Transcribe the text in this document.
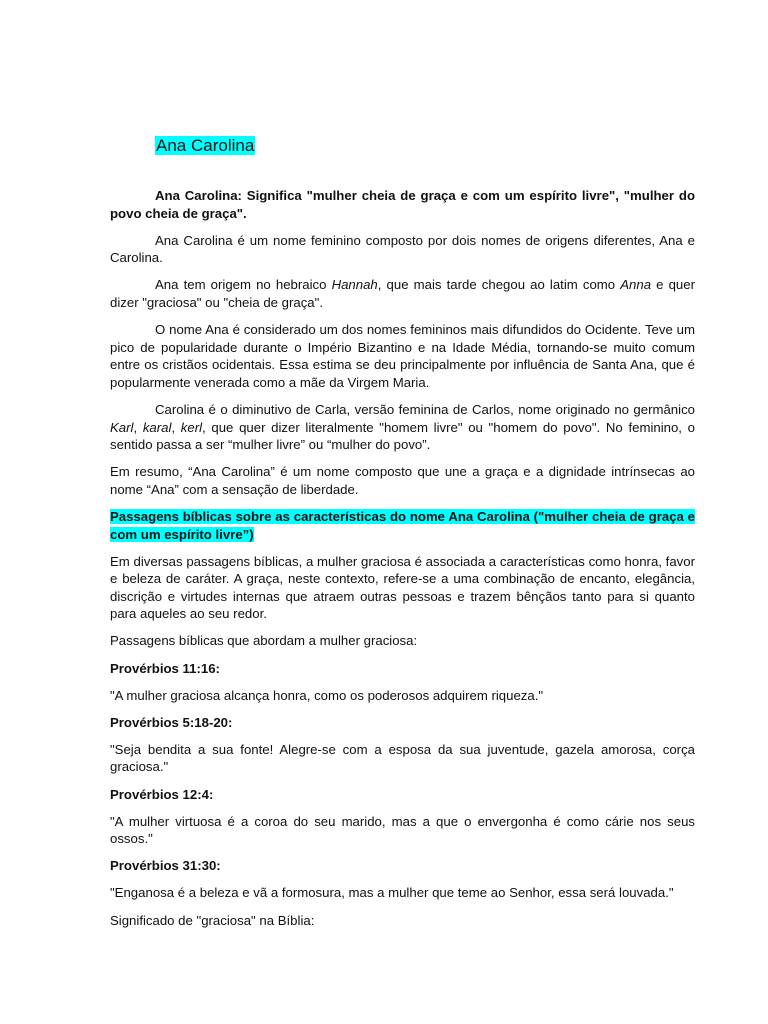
Ana Carolina

Ana Carolina: Significa "mulher cheia de graça e com um espírito livre", "mulher do povo cheia de graça".

Ana Carolina é um nome feminino composto por dois nomes de origens diferentes, Ana e Carolina.

Ana tem origem no hebraico Hannah, que mais tarde chegou ao latim como Anna e quer dizer "graciosa" ou "cheia de graça".

O nome Ana é considerado um dos nomes femininos mais difundidos do Ocidente. Teve um pico de popularidade durante o Império Bizantino e na Idade Média, tornando-se muito comum entre os cristãos ocidentais. Essa estima se deu principalmente por influência de Santa Ana, que é popularmente venerada como a mãe da Virgem Maria.

Carolina é o diminutivo de Carla, versão feminina de Carlos, nome originado no germânico Karl, karal, kerl, que quer dizer literalmente "homem livre" ou "homem do povo". No feminino, o sentido passa a ser “mulher livre” ou “mulher do povo”.

Em resumo, “Ana Carolina” é um nome composto que une a graça e a dignidade intrínsecas ao nome “Ana” com a sensação de liberdade.

Passagens bíblicas sobre as características do nome Ana Carolina ("mulher cheia de graça e com um espírito livre”)

Em diversas passagens bíblicas, a mulher graciosa é associada a características como honra, favor e beleza de caráter. A graça, neste contexto, refere-se a uma combinação de encanto, elegância, discrição e virtudes internas que atraem outras pessoas e trazem bênçãos tanto para si quanto para aqueles ao seu redor.

Passagens bíblicas que abordam a mulher graciosa:

Provérbios 11:16:

"A mulher graciosa alcança honra, como os poderosos adquirem riqueza."

Provérbios 5:18-20:

"Seja bendita a sua fonte! Alegre-se com a esposa da sua juventude, gazela amorosa, corça graciosa."

Provérbios 12:4:

"A mulher virtuosa é a coroa do seu marido, mas a que o envergonha é como cárie nos seus ossos."

Provérbios 31:30:

"Enganosa é a beleza e vã a formosura, mas a mulher que teme ao Senhor, essa será louvada."

Significado de "graciosa" na Bíblia:
